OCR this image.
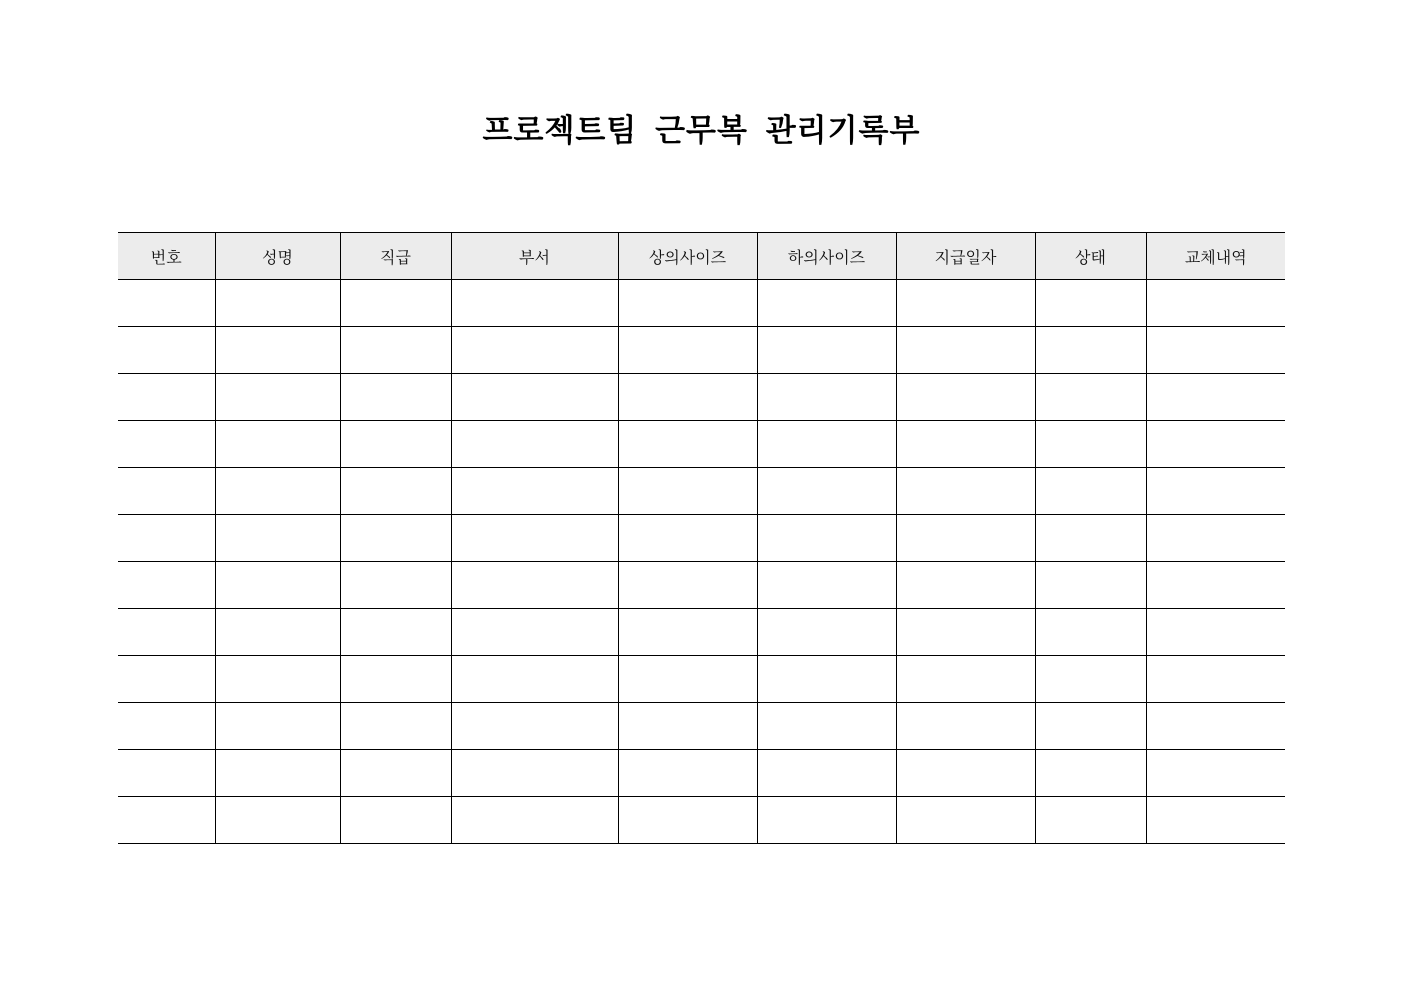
프로젝트팀 근무복 관리기록부
번호	성명	직급	부서	상의사이즈	하의사이즈	지급일자	상태	교체내역
